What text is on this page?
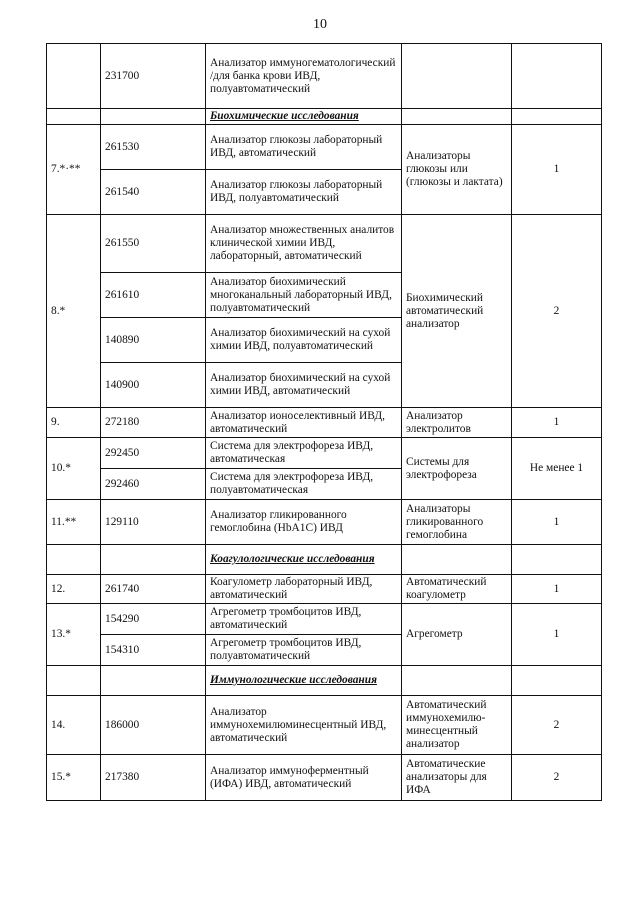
10
	231700	Анализатор иммуногематологический /для банка крови ИВД, полуавтоматический		
		Биохимические исследования		
7.*·**	261530	Анализатор глюкозы лабораторный ИВД, автоматический	Анализаторы глюкозы или (глюкозы и лактата)	1
	261540	Анализатор глюкозы лабораторный ИВД, полуавтоматический		
8.*	261550	Анализатор множественных аналитов клинической химии ИВД, лабораторный, автоматический	Биохимический автоматический анализатор	2
	261610	Анализатор биохимический многоканальный лабораторный ИВД, полуавтоматический		
	140890	Анализатор биохимический на сухой химии ИВД, полуавтоматический		
	140900	Анализатор биохимический на сухой химии ИВД, автоматический		
9.	272180	Анализатор ионоселективный ИВД, автоматический	Анализатор электролитов	1
10.*	292450	Система для электрофореза ИВД, автоматическая	Системы для электрофореза	Не менее 1
	292460	Система для электрофореза ИВД, полуавтоматическая		
11.**	129110	Анализатор гликированного гемоглобина (HbA1C) ИВД	Анализаторы гликированного гемоглобина	1
		Коагулологические исследования		
12.	261740	Коагулометр лабораторный ИВД, автоматический	Автоматический коагулометр	1
13.*	154290	Агрегометр тромбоцитов ИВД, автоматический	Агрегометр	1
	154310	Агрегометр тромбоцитов ИВД, полуавтоматический		
		Иммунологические исследования		
14.	186000	Анализатор иммунохемилюминесцентный ИВД, автоматический	Автоматический иммунохемилю-минесцентный анализатор	2
15.*	217380	Анализатор иммуноферментный (ИФА) ИВД, автоматический	Автоматические анализаторы для ИФА	2
